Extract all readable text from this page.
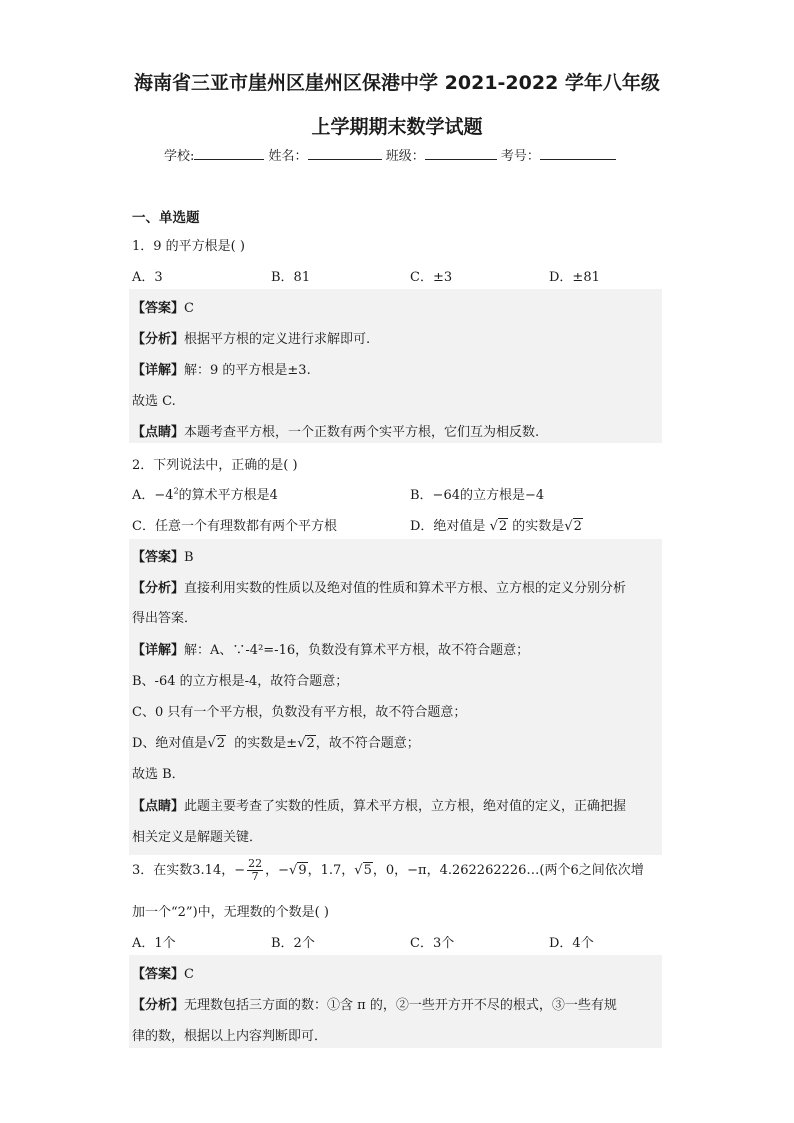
海南省三亚市崖州区崖州区保港中学 2021-2022 学年八年级
上学期期末数学试题
学校:	姓名：	班级：	考号：
一、单选题
1．9 的平方根是( )
A．3	B．81	C．±3	D．±81
【答案】C
【分析】根据平方根的定义进行求解即可.
【详解】解：9 的平方根是±3.
故选 C.
【点睛】本题考查平方根，一个正数有两个实平方根，它们互为相反数.
2．下列说法中，正确的是( )
A．$-4^2$的算术平方根是4	B．−64的立方根是−4
C．任意一个有理数都有两个平方根	D．绝对值是 √2 的实数是√2
【答案】B
【分析】直接利用实数的性质以及绝对值的性质和算术平方根、立方根的定义分别分析
得出答案．
【详解】解：A、∵-4²=-16，负数没有算术平方根，故不符合题意；
B、-64 的立方根是-4，故符合题意；
C、0 只有一个平方根，负数没有平方根，故不符合题意；
D、绝对值是√2 的实数是±√2，故不符合题意；
故选 B．
【点睛】此题主要考查了实数的性质，算术平方根，立方根，绝对值的定义，正确把握
相关定义是解题关键．
3．在实数3.14，− $\frac{22}{7}$ ，−√9，1.7，√5，0，−π，4.262262226…(两个6之间依次增
加一个“2”)中，无理数的个数是( )
A．1个	B．2个	C．3个	D．4个
【答案】C
【分析】无理数包括三方面的数：①含 π 的，②一些开方开不尽的根式，③一些有规
律的数，根据以上内容判断即可．
